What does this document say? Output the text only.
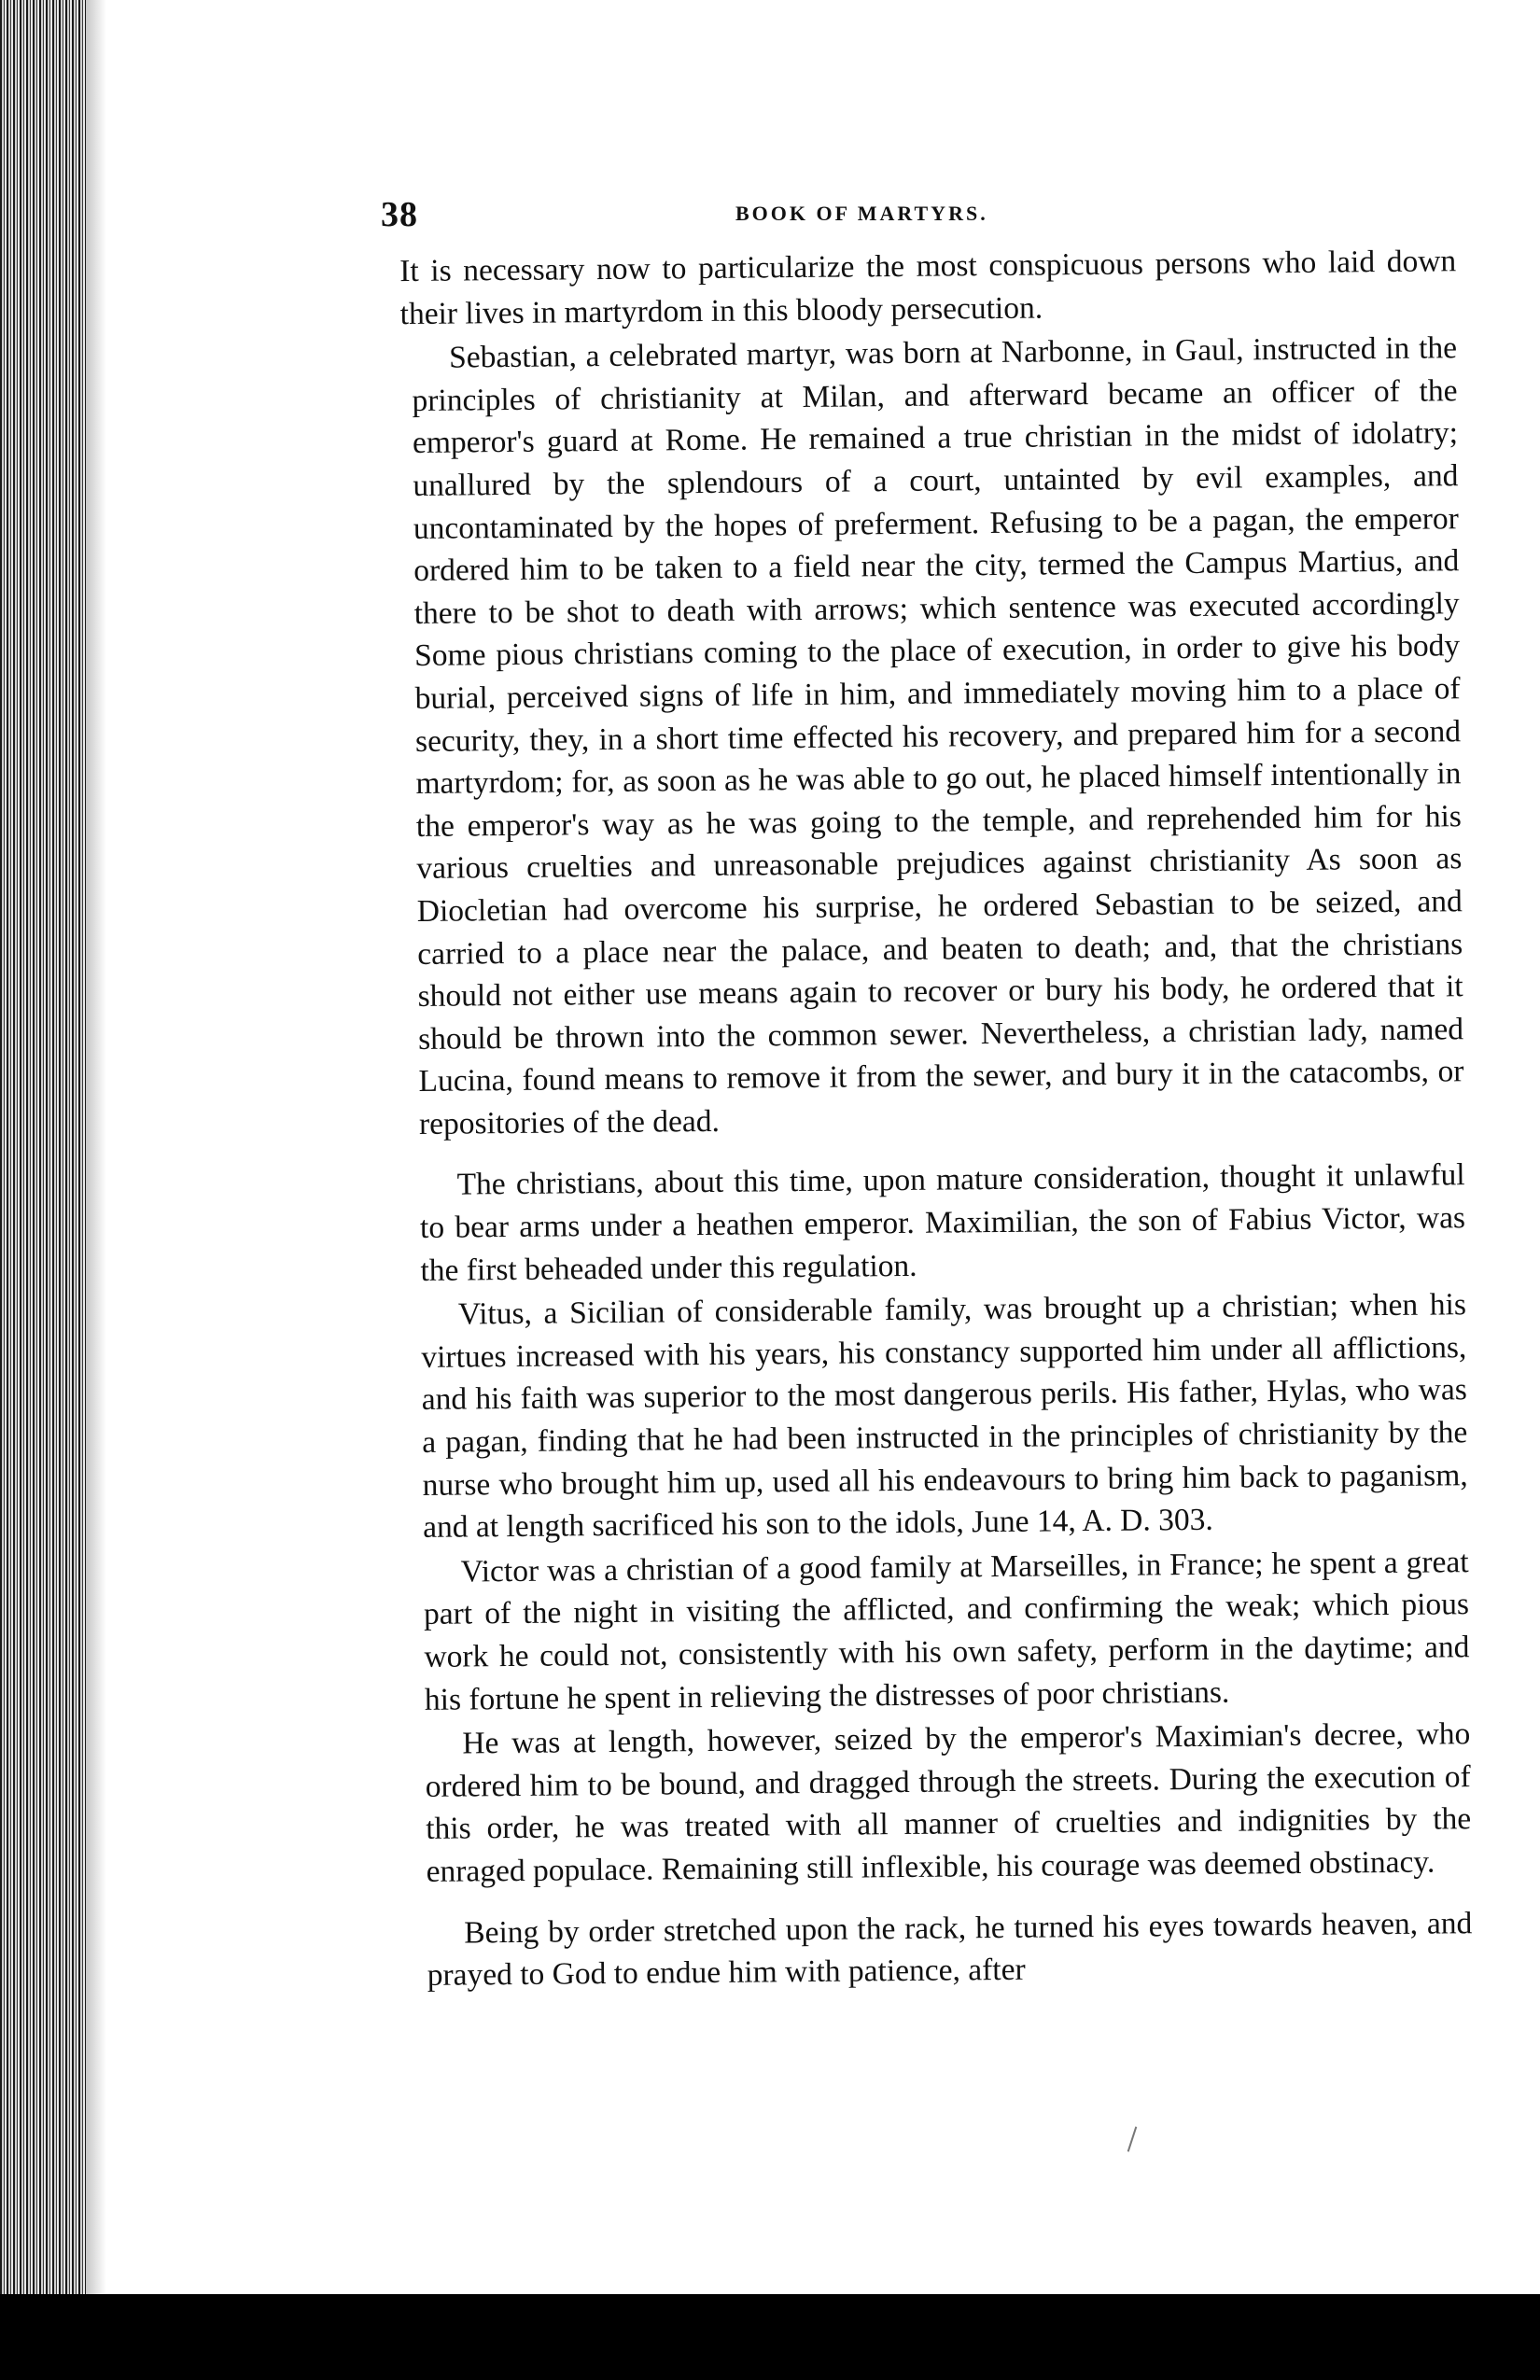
38	BOOK OF MARTYRS.

It is necessary now to particularize the most conspicuous persons who laid down their lives in martyrdom in this bloody persecution.

Sebastian, a celebrated martyr, was born at Narbonne, in Gaul, instructed in the principles of christianity at Milan, and afterward became an officer of the emperor's guard at Rome. He remained a true christian in the midst of idolatry; unallured by the splendours of a court, untainted by evil examples, and uncontaminated by the hopes of preferment. Refusing to be a pagan, the emperor ordered him to be taken to a field near the city, termed the Campus Martius, and there to be shot to death with arrows; which sentence was executed accordingly Some pious christians coming to the place of execution, in order to give his body burial, perceived signs of life in him, and immediately moving him to a place of security, they, in a short time effected his recovery, and prepared him for a second martyrdom; for, as soon as he was able to go out, he placed himself intentionally in the emperor's way as he was going to the temple, and reprehended him for his various cruelties and unreasonable prejudices against christianity As soon as Diocletian had overcome his surprise, he ordered Sebastian to be seized, and carried to a place near the palace, and beaten to death; and, that the christians should not either use means again to recover or bury his body, he ordered that it should be thrown into the common sewer. Nevertheless, a christian lady, named Lucina, found means to remove it from the sewer, and bury it in the catacombs, or repositories of the dead.

The christians, about this time, upon mature consideration, thought it unlawful to bear arms under a heathen emperor. Maximilian, the son of Fabius Victor, was the first beheaded under this regulation.

Vitus, a Sicilian of considerable family, was brought up a christian; when his virtues increased with his years, his constancy supported him under all afflictions, and his faith was superior to the most dangerous perils. His father, Hylas, who was a pagan, finding that he had been instructed in the principles of christianity by the nurse who brought him up, used all his endeavours to bring him back to paganism, and at length sacrificed his son to the idols, June 14, A. D. 303.

Victor was a christian of a good family at Marseilles, in France; he spent a great part of the night in visiting the afflicted, and confirming the weak; which pious work he could not, consistently with his own safety, perform in the daytime; and his fortune he spent in relieving the distresses of poor christians.

He was at length, however, seized by the emperor's Maximian's decree, who ordered him to be bound, and dragged through the streets. During the execution of this order, he was treated with all manner of cruelties and indignities by the enraged populace. Remaining still inflexible, his courage was deemed obstinacy.

Being by order stretched upon the rack, he turned his eyes towards heaven, and prayed to God to endue him with patience, after
